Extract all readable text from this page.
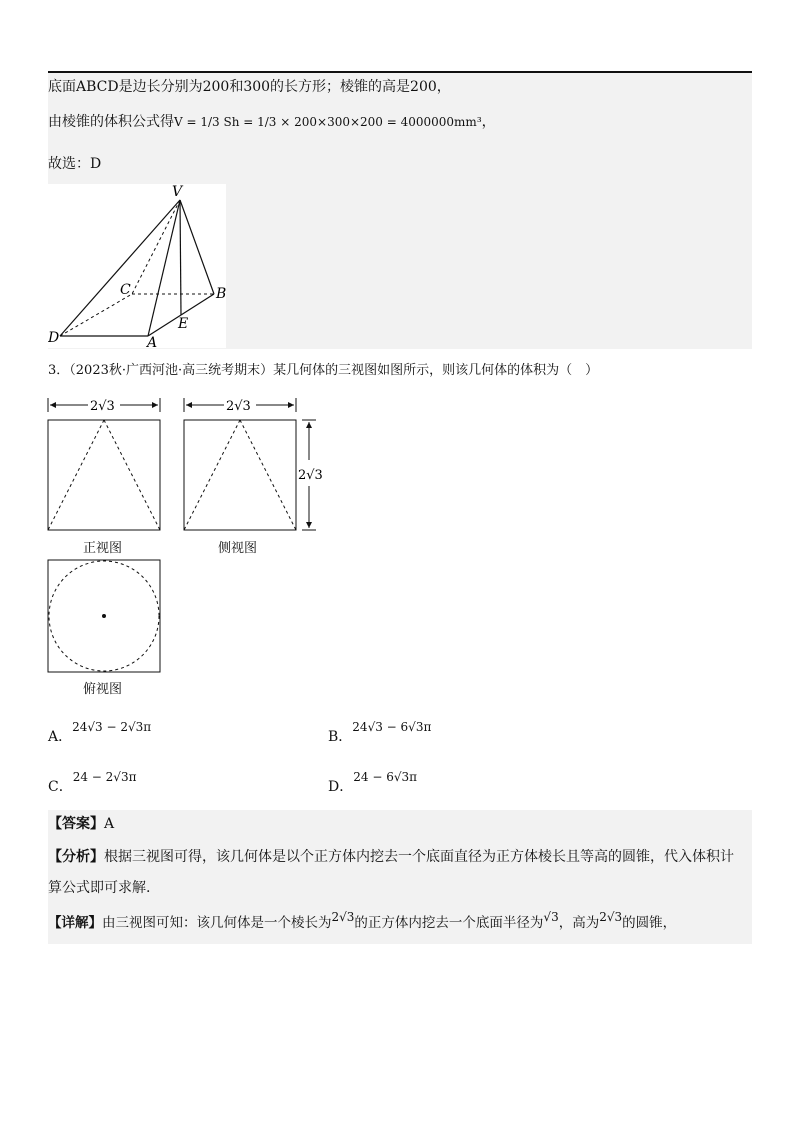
底面ABCD是边长分别为200和300的长方形；棱锥的高是200，
由棱锥的体积公式得V = 1/3 Sh = 1/3 × 200×300×200 = 4000000mm³，
故选：D
V
C	B
E
D	A
3．（2023秋·广西河池·高三统考期末）某几何体的三视图如图所示，则该几何体的体积为（　）
2√3
正视图
2√3
2√3
侧视图
俯视图
A．24√3 − 2√3π
B．24√3 − 6√3π
C．24 − 2√3π
D．24 − 6√3π
【答案】A
【分析】根据三视图可得，该几何体是以个正方体内挖去一个底面直径为正方体棱长且等高的圆锥，代入体积计
算公式即可求解.
【详解】由三视图可知：该几何体是一个棱长为2√3的正方体内挖去一个底面半径为√3，高为2√3的圆锥，
